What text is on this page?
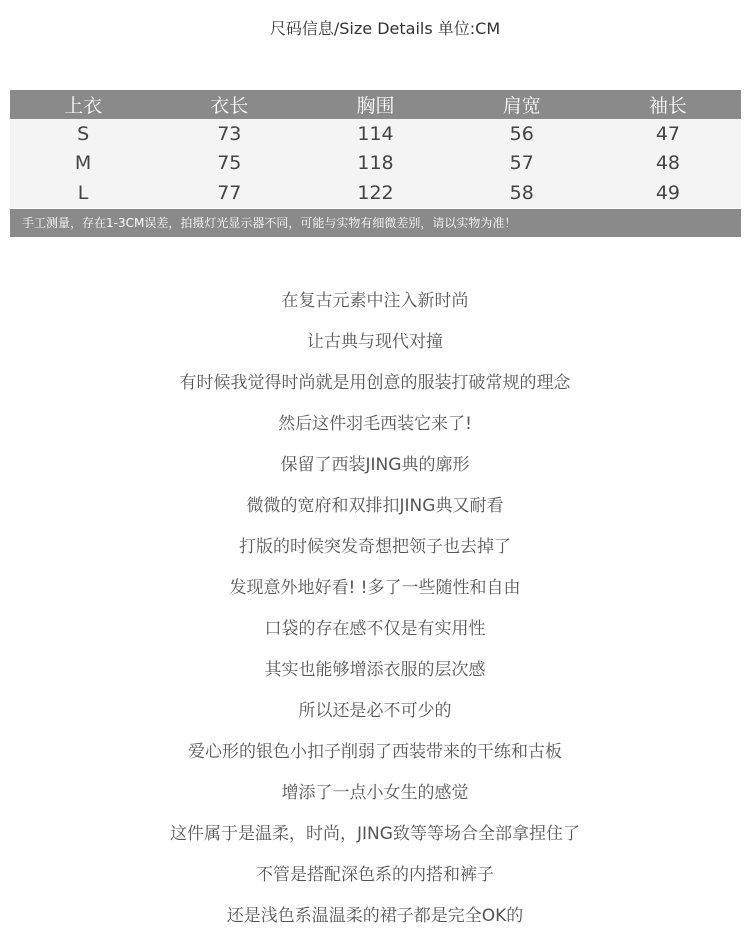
尺码信息/Size Details 单位:CM
上衣	衣长	胸围	肩宽	袖长
S	73	114	56	47
M	75	118	57	48
L	77	122	58	49
手工测量，存在1-3CM误差，拍摄灯光显示器不同，可能与实物有细微差别，请以实物为准！
在复古元素中注入新时尚
让古典与现代对撞
有时候我觉得时尚就是用创意的服装打破常规的理念
然后这件羽毛西装它来了!
保留了西装JING典的廓形
微微的宽府和双排扣JING典又耐看
打版的时候突发奇想把领子也去掉了
发现意外地好看! !多了一些随性和自由
口袋的存在感不仅是有实用性
其实也能够增添衣服的层次感
所以还是必不可少的
爱心形的银色小扣子削弱了西装带来的干练和古板
增添了一点小女生的感觉
这件属于是温柔，时尚，JING致等等场合全部拿捏住了
不管是搭配深色系的内搭和裤子
还是浅色系温温柔的裙子都是完全OK的
